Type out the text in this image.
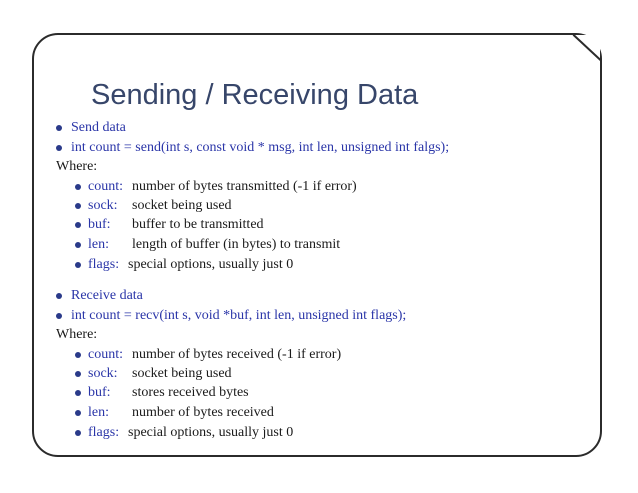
Sending / Receiving Data
Send data
int count = send(int s, const void * msg, int len, unsigned int falgs);
Where:
count: number of bytes transmitted (-1 if error)
sock: socket being used
buf: buffer to be transmitted
len: length of buffer (in bytes) to transmit
flags: special options, usually just 0
Receive data
int count = recv(int s, void *buf, int len, unsigned int flags);
Where:
count: number of bytes received (-1 if error)
sock: socket being used
buf: stores received bytes
len: number of bytes received
flags: special options, usually just 0
